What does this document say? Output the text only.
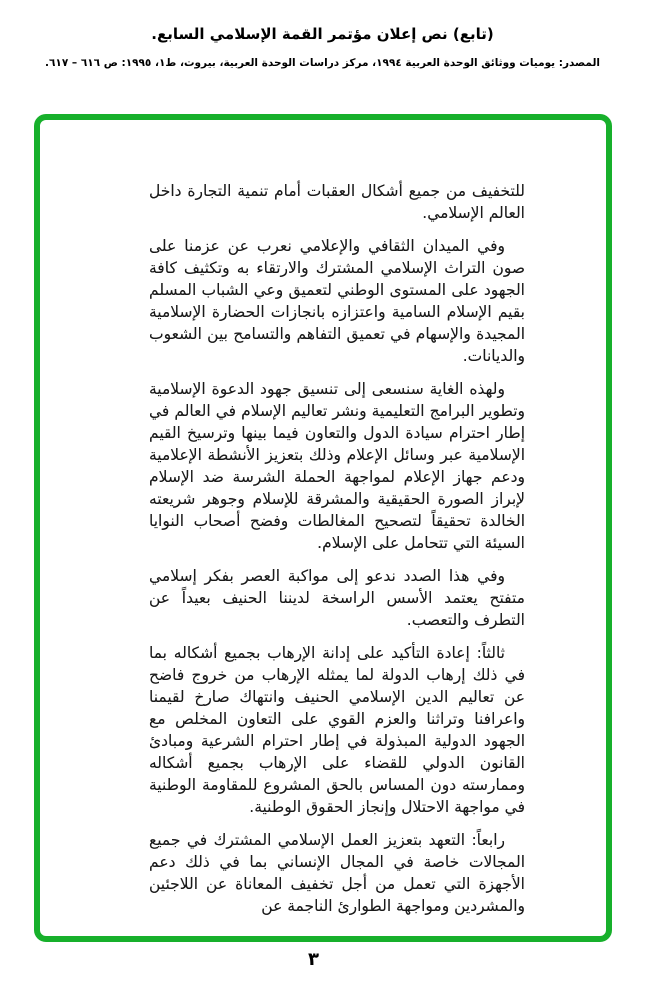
(تابع) نص إعلان مؤتمر القمة الإسلامي السابع.
المصدر: يوميات ووثائق الوحدة العربية ١٩٩٤، مركز دراسات الوحدة العربية، بيروت، ط١، ١٩٩٥: ص ٦١٦ – ٦١٧.

للتخفيف من جميع أشكال العقبات أمام تنمية التجارة داخل العالم الإسلامي.

وفي الميدان الثقافي والإعلامي نعرب عن عزمنا على صون التراث الإسلامي المشترك والارتقاء به وتكثيف كافة الجهود على المستوى الوطني لتعميق وعي الشباب المسلم بقيم الإسلام السامية واعتزازه بانجازات الحضارة الإسلامية المجيدة والإسهام في تعميق التفاهم والتسامح بين الشعوب والديانات.

ولهذه الغاية سنسعى إلى تنسيق جهود الدعوة الإسلامية وتطوير البرامج التعليمية ونشر تعاليم الإسلام في العالم في إطار احترام سيادة الدول والتعاون فيما بينها وترسيخ القيم الإسلامية عبر وسائل الإعلام وذلك بتعزيز الأنشطة الإعلامية ودعم جهاز الإعلام لمواجهة الحملة الشرسة ضد الإسلام لإبراز الصورة الحقيقية والمشرقة للإسلام وجوهر شريعته الخالدة تحقيقاً لتصحيح المغالطات وفضح أصحاب النوايا السيئة التي تتحامل على الإسلام.

وفي هذا الصدد ندعو إلى مواكبة العصر بفكر إسلامي متفتح يعتمد الأسس الراسخة لديننا الحنيف بعيداً عن التطرف والتعصب.

ثالثاً: إعادة التأكيد على إدانة الإرهاب بجميع أشكاله بما في ذلك إرهاب الدولة لما يمثله الإرهاب من خروج فاضح عن تعاليم الدين الإسلامي الحنيف وانتهاك صارخ لقيمنا واعرافنا وتراثنا والعزم القوي على التعاون المخلص مع الجهود الدولية المبذولة في إطار احترام الشرعية ومبادئ القانون الدولي للقضاء على الإرهاب بجميع أشكاله وممارسته دون المساس بالحق المشروع للمقاومة الوطنية في مواجهة الاحتلال وإنجاز الحقوق الوطنية.

رابعاً: التعهد بتعزيز العمل الإسلامي المشترك في جميع المجالات خاصة في المجال الإنساني بما في ذلك دعم الأجهزة التي تعمل من أجل تخفيف المعاناة عن اللاجئين والمشردين ومواجهة الطوارئ الناجمة عن

٣
